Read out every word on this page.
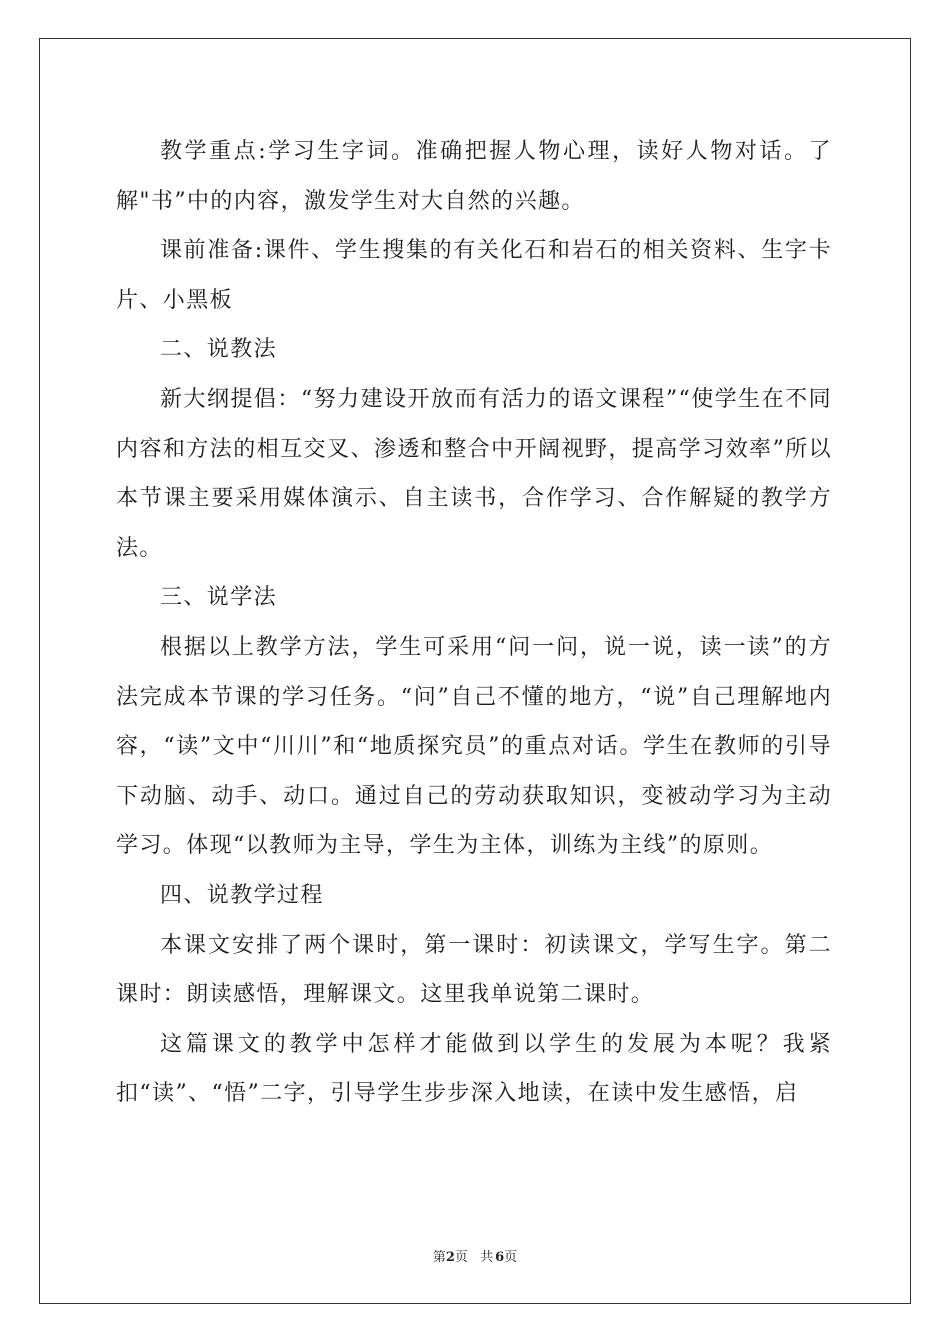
教学重点:学习生字词。准确把握人物心理，读好人物对话。了解"书”中的内容，激发学生对大自然的兴趣。

课前准备:课件、学生搜集的有关化石和岩石的相关资料、生字卡片、小黑板

二、说教法

新大纲提倡：“努力建设开放而有活力的语文课程”“使学生在不同内容和方法的相互交叉、渗透和整合中开阔视野，提高学习效率”所以本节课主要采用媒体演示、自主读书，合作学习、合作解疑的教学方法。

三、说学法

根据以上教学方法，学生可采用“问一问，说一说，读一读”的方法完成本节课的学习任务。“问”自己不懂的地方，“说”自己理解地内容，“读”文中“川川”和“地质探究员”的重点对话。学生在教师的引导下动脑、动手、动口。通过自己的劳动获取知识，变被动学习为主动学习。体现“以教师为主导，学生为主体，训练为主线”的原则。

四、说教学过程

本课文安排了两个课时，第一课时：初读课文，学写生字。第二课时：朗读感悟，理解课文。这里我单说第二课时。

这篇课文的教学中怎样才能做到以学生的发展为本呢？我紧扣“读”、“悟”二字，引导学生步步深入地读，在读中发生感悟，启

第2页 共 6页
